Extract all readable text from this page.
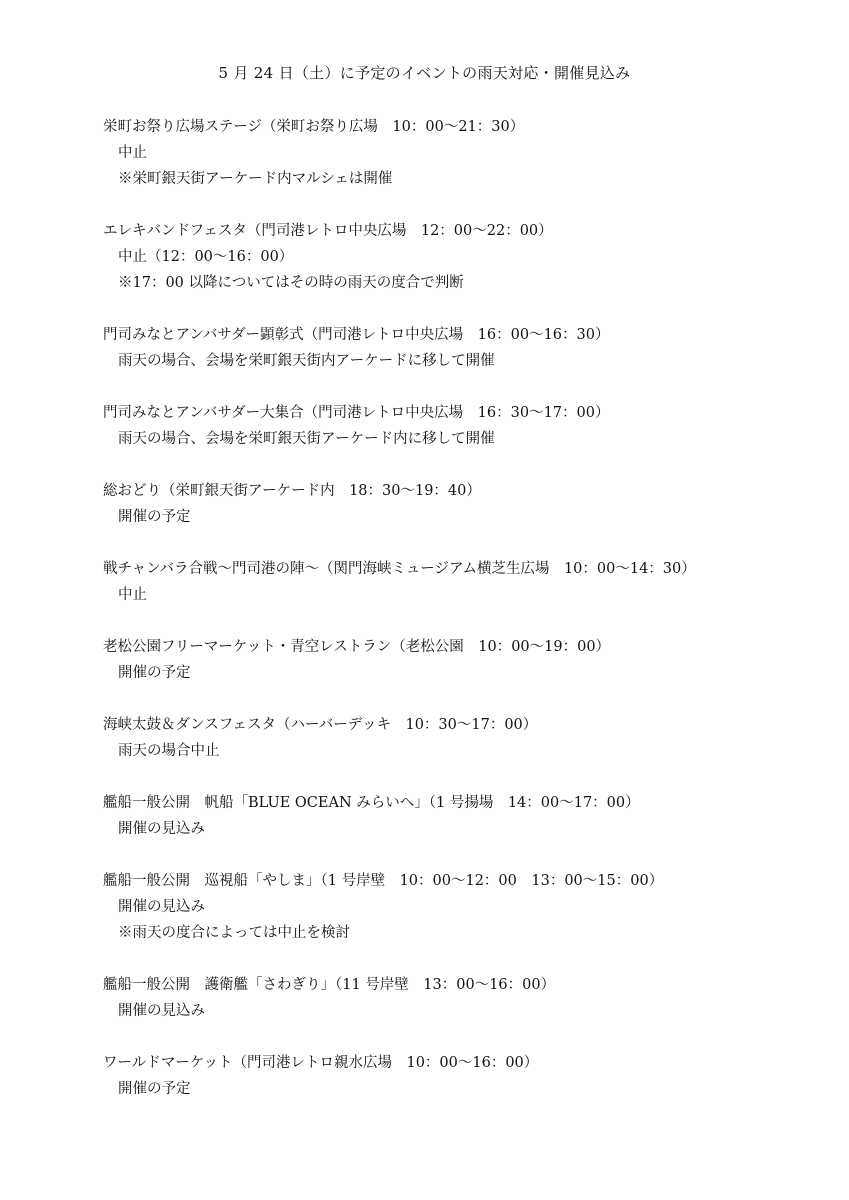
5 月 24 日（土）に予定のイベントの雨天対応・開催見込み
栄町お祭り広場ステージ（栄町お祭り広場　10：00〜21：30）
中止
※栄町銀天街アーケード内マルシェは開催
エレキバンドフェスタ（門司港レトロ中央広場　12：00〜22：00）
中止（12：00〜16：00）
※17：00 以降についてはその時の雨天の度合で判断
門司みなとアンバサダー顕彰式（門司港レトロ中央広場　16：00〜16：30）
雨天の場合、会場を栄町銀天街内アーケードに移して開催
門司みなとアンバサダー大集合（門司港レトロ中央広場　16：30〜17：00）
雨天の場合、会場を栄町銀天街アーケード内に移して開催
総おどり（栄町銀天街アーケード内　18：30〜19：40）
開催の予定
戦チャンバラ合戦〜門司港の陣〜（関門海峡ミュージアム横芝生広場　10：00〜14：30）
中止
老松公園フリーマーケット・青空レストラン（老松公園　10：00〜19：00）
開催の予定
海峡太鼓＆ダンスフェスタ（ハーバーデッキ　10：30〜17：00）
雨天の場合中止
艦船一般公開　帆船「BLUE OCEAN みらいへ」（1 号揚場　14：00〜17：00）
開催の見込み
艦船一般公開　巡視船「やしま」（1 号岸壁　10：00〜12：00　13：00〜15：00）
開催の見込み
※雨天の度合によっては中止を検討
艦船一般公開　護衛艦「さわぎり」（11 号岸壁　13：00〜16：00）
開催の見込み
ワールドマーケット（門司港レトロ親水広場　10：00〜16：00）
開催の予定
